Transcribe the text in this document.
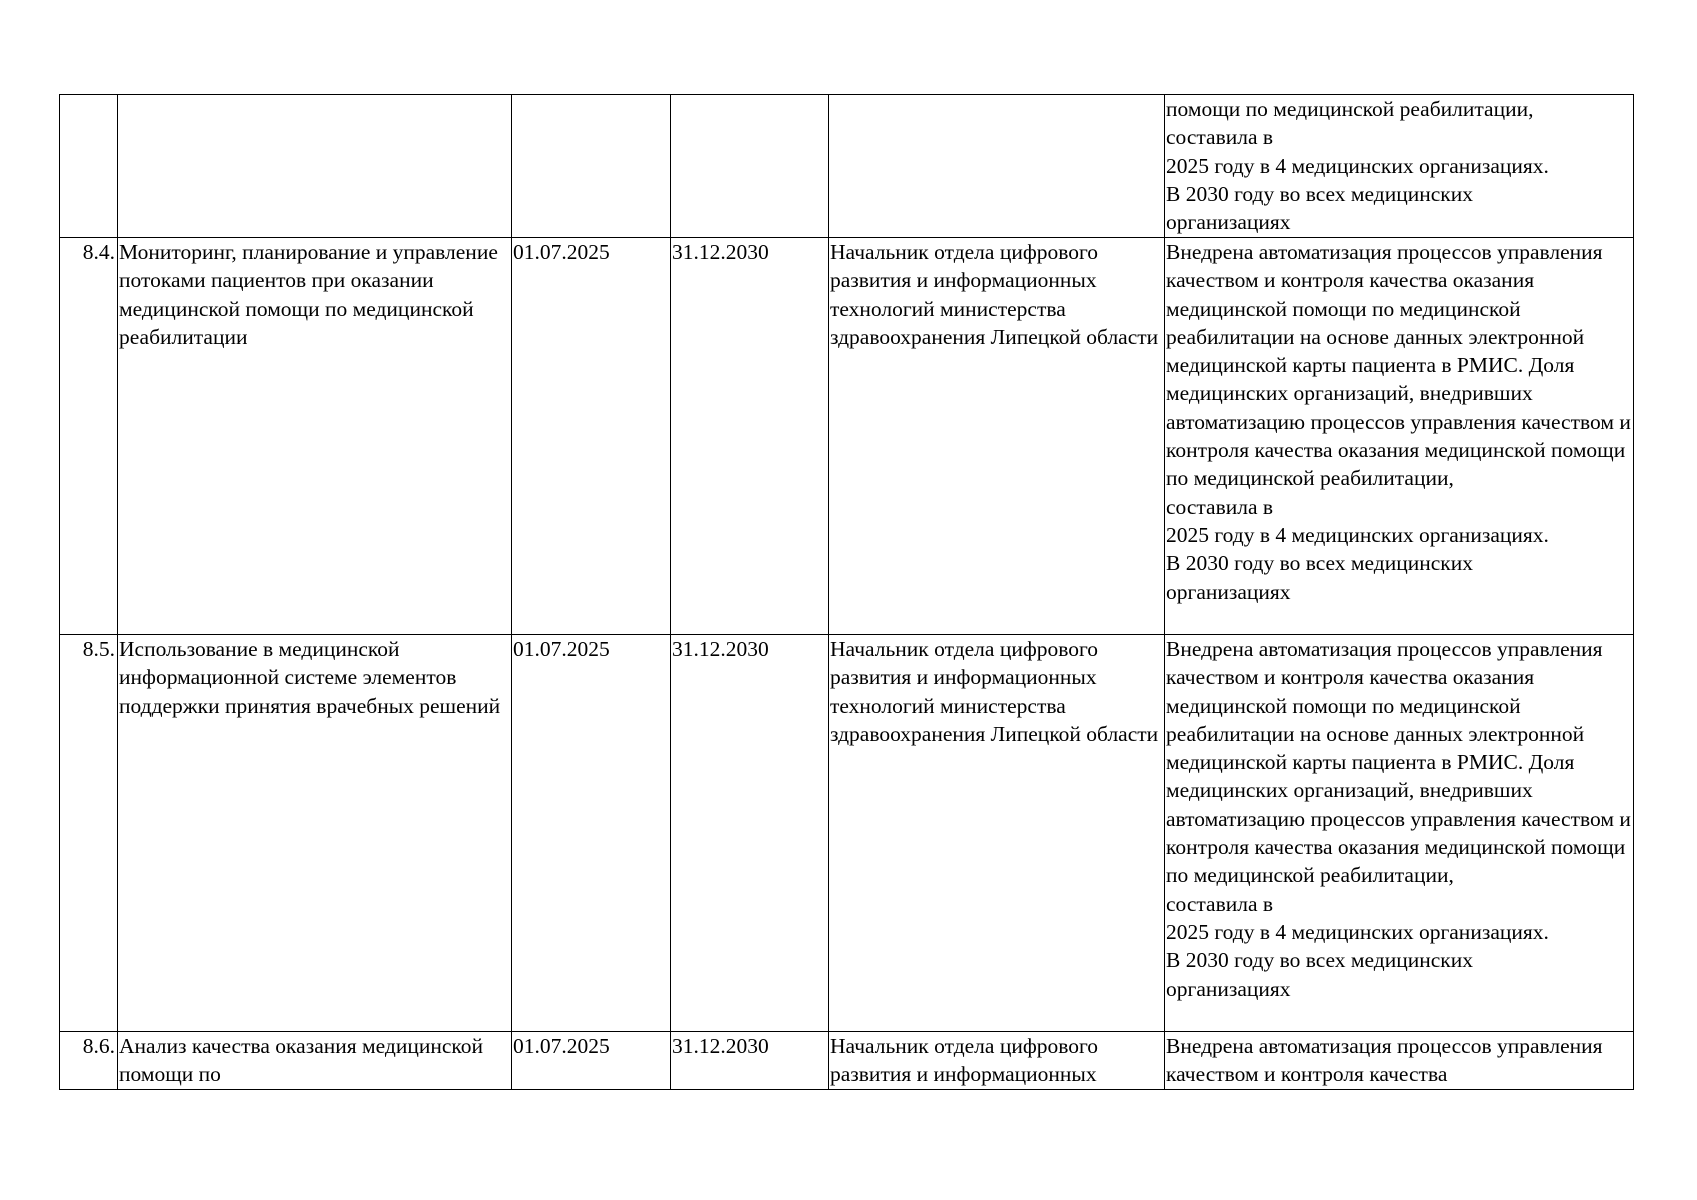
					помощи по медицинской реабилитации,
составила в
2025 году в 4 медицинских организациях.
В 2030 году во всех медицинских
организациях
8.4.	Мониторинг, планирование и управление потоками пациентов при оказании медицинской помощи по медицинской реабилитации	01.07.2025	31.12.2030	Начальник отдела цифрового развития и информационных технологий министерства здравоохранения Липецкой области	Внедрена автоматизация процессов управления качеством и контроля качества оказания медицинской помощи по медицинской реабилитации на основе данных электронной медицинской карты пациента в РМИС. Доля медицинских организаций, внедривших автоматизацию процессов управления качеством и контроля качества оказания медицинской помощи по медицинской реабилитации,
составила в
2025 году в 4 медицинских организациях.
В 2030 году во всех медицинских
организациях
8.5.	Использование в медицинской информационной системе элементов поддержки принятия врачебных решений	01.07.2025	31.12.2030	Начальник отдела цифрового развития и информационных технологий министерства здравоохранения Липецкой области	Внедрена автоматизация процессов управления качеством и контроля качества оказания медицинской помощи по медицинской реабилитации на основе данных электронной медицинской карты пациента в РМИС. Доля медицинских организаций, внедривших автоматизацию процессов управления качеством и контроля качества оказания медицинской помощи по медицинской реабилитации,
составила в
2025 году в 4 медицинских организациях.
В 2030 году во всех медицинских
организациях
8.6.	Анализ качества оказания медицинской помощи по	01.07.2025	31.12.2030	Начальник отдела цифрового развития и информационных	Внедрена автоматизация процессов управления качеством и контроля качества
